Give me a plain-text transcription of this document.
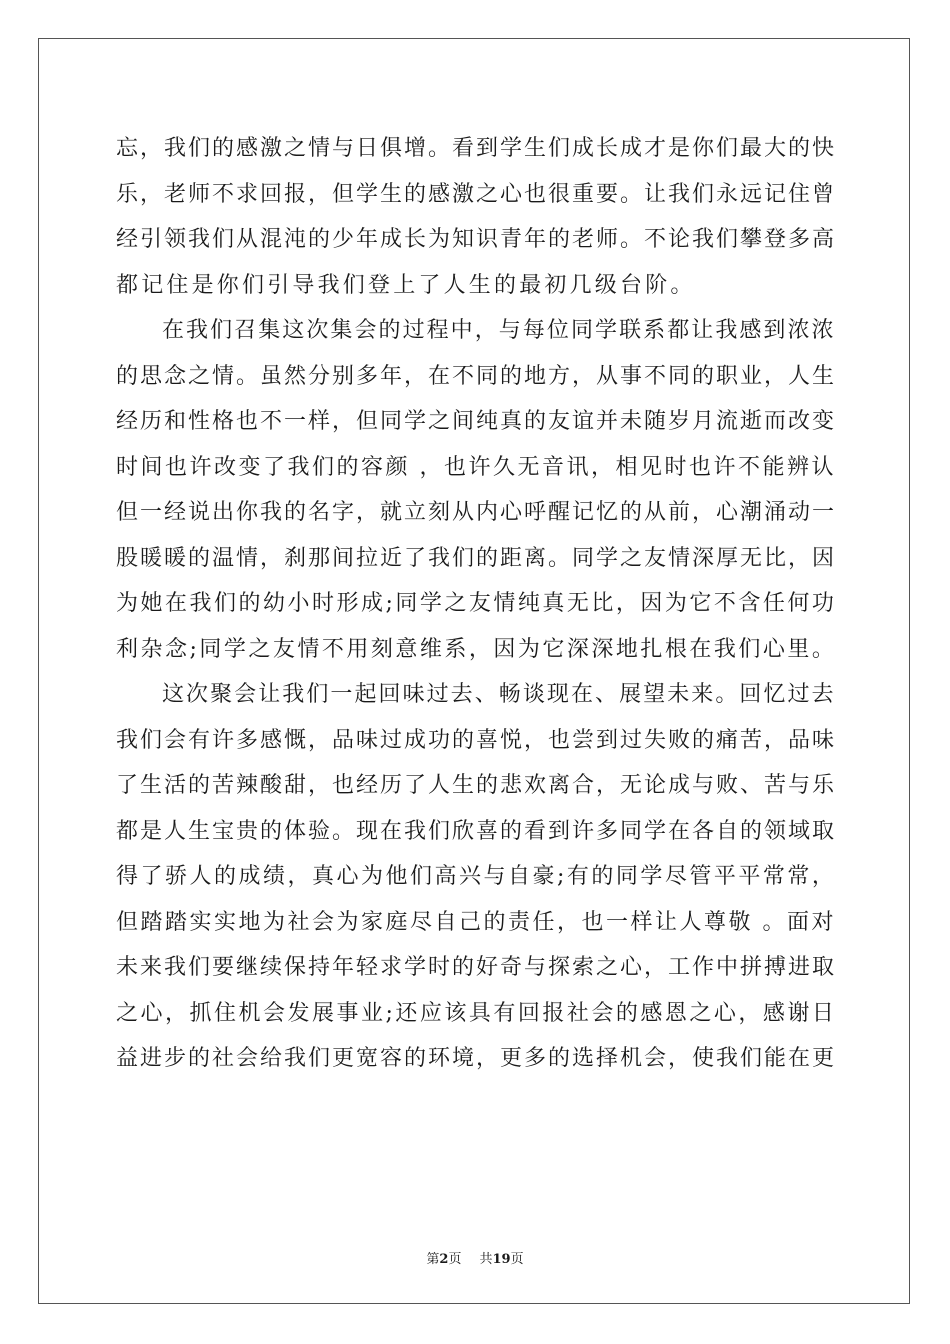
忘，我们的感激之情与日俱增。看到学生们成长成才是你们最大的快
乐，老师不求回报，但学生的感激之心也很重要。让我们永远记住曾
经引领我们从混沌的少年成长为知识青年的老师。不论我们攀登多高
都记住是你们引导我们登上了人生的最初几级台阶。
在我们召集这次集会的过程中，与每位同学联系都让我感到浓浓
的思念之情。虽然分别多年，在不同的地方，从事不同的职业，人生
经历和性格也不一样，但同学之间纯真的友谊并未随岁月流逝而改变
时间也许改变了我们的容颜 ，也许久无音讯，相见时也许不能辨认
但一经说出你我的名字，就立刻从内心呼醒记忆的从前，心潮涌动一
股暖暖的温情，刹那间拉近了我们的距离。同学之友情深厚无比，因
为她在我们的幼小时形成;同学之友情纯真无比，因为它不含任何功
利杂念;同学之友情不用刻意维系，因为它深深地扎根在我们心里。
这次聚会让我们一起回味过去、畅谈现在、展望未来。回忆过去
我们会有许多感慨，品味过成功的喜悦，也尝到过失败的痛苦，品味
了生活的苦辣酸甜，也经历了人生的悲欢离合，无论成与败、苦与乐
都是人生宝贵的体验。现在我们欣喜的看到许多同学在各自的领域取
得了骄人的成绩，真心为他们高兴与自豪;有的同学尽管平平常常，
但踏踏实实地为社会为家庭尽自己的责任，也一样让人尊敬 。面对
未来我们要继续保持年轻求学时的好奇与探索之心，工作中拼搏进取
之心，抓住机会发展事业;还应该具有回报社会的感恩之心，感谢日
益进步的社会给我们更宽容的环境，更多的选择机会，使我们能在更
第2页 共19页
